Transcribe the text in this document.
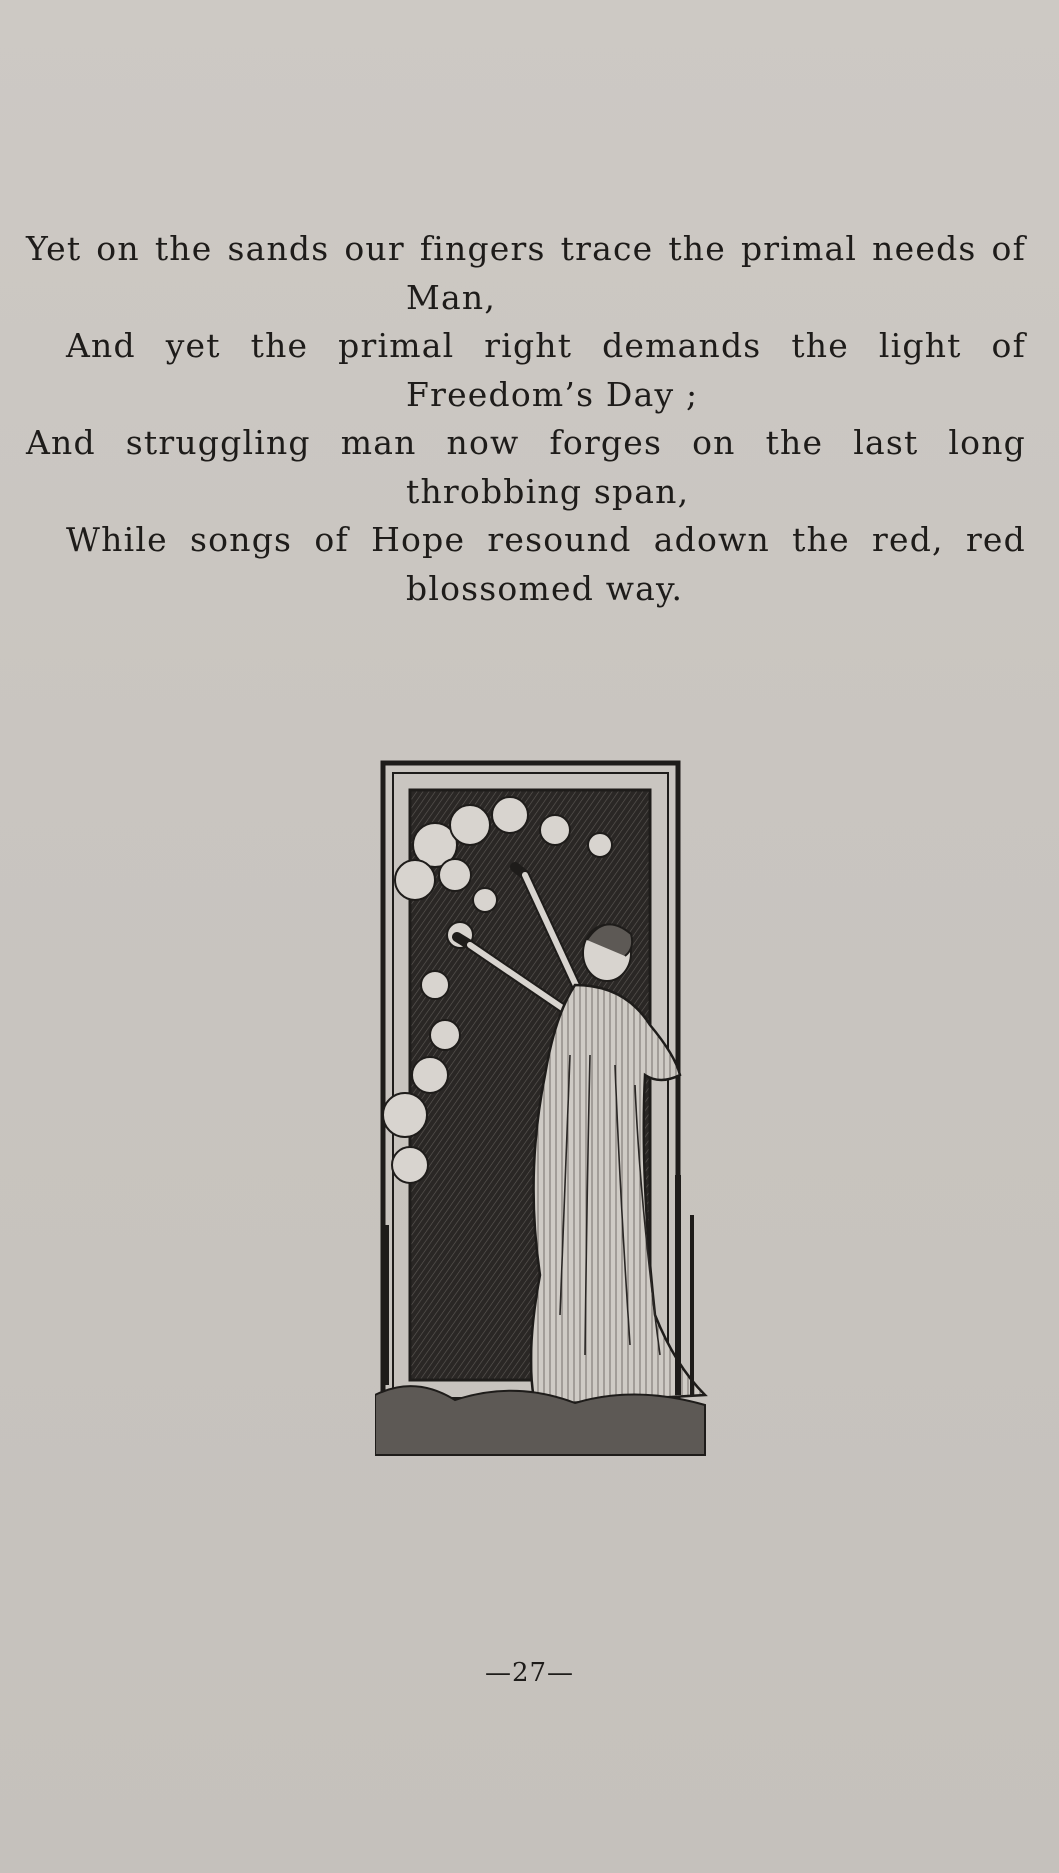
Yet on the sands our fingers trace the primal needs of
Man,
And yet the primal right demands the light of
Freedom’s Day ;
And struggling man now forges on the last long
throbbing span,
While songs of Hope resound adown the red, red
blossomed way.
—27—
